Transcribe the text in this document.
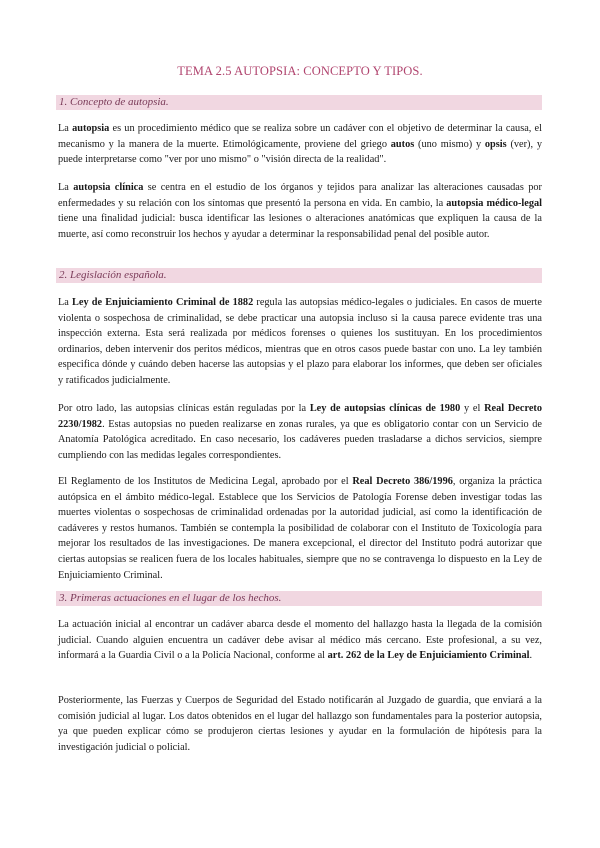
TEMA 2.5 AUTOPSIA: CONCEPTO Y TIPOS.
1. Concepto de autopsia.

La autopsia es un procedimiento médico que se realiza sobre un cadáver con el objetivo de determinar la causa, el mecanismo y la manera de la muerte. Etimológicamente, proviene del griego autos (uno mismo) y opsis (ver), y puede interpretarse como "ver por uno mismo" o "visión directa de la realidad".

La autopsia clínica se centra en el estudio de los órganos y tejidos para analizar las alteraciones causadas por enfermedades y su relación con los síntomas que presentó la persona en vida. En cambio, la autopsia médico-legal tiene una finalidad judicial: busca identificar las lesiones o alteraciones anatómicas que expliquen la causa de la muerte, así como reconstruir los hechos y ayudar a determinar la responsabilidad penal del posible autor.

2. Legislación española.

La Ley de Enjuiciamiento Criminal de 1882 regula las autopsias médico-legales o judiciales. En casos de muerte violenta o sospechosa de criminalidad, se debe practicar una autopsia incluso si la causa parece evidente tras una inspección externa. Esta será realizada por médicos forenses o quienes los sustituyan. En los procedimientos ordinarios, deben intervenir dos peritos médicos, mientras que en otros casos puede bastar con uno. La ley también especifica dónde y cuándo deben hacerse las autopsias y el plazo para elaborar los informes, que deben ser oficiales y ratificados judicialmente.

Por otro lado, las autopsias clínicas están reguladas por la Ley de autopsias clínicas de 1980 y el Real Decreto 2230/1982. Estas autopsias no pueden realizarse en zonas rurales, ya que es obligatorio contar con un Servicio de Anatomía Patológica acreditado. En caso necesario, los cadáveres pueden trasladarse a dichos servicios, siempre cumpliendo con las medidas legales correspondientes.

El Reglamento de los Institutos de Medicina Legal, aprobado por el Real Decreto 386/1996, organiza la práctica autópsica en el ámbito médico-legal. Establece que los Servicios de Patología Forense deben investigar todas las muertes violentas o sospechosas de criminalidad ordenadas por la autoridad judicial, así como la identificación de cadáveres y restos humanos. También se contempla la posibilidad de colaborar con el Instituto de Toxicología para mejorar los resultados de las investigaciones. De manera excepcional, el director del Instituto podrá autorizar que ciertas autopsias se realicen fuera de los locales habituales, siempre que no se contravenga lo dispuesto en la Ley de Enjuiciamiento Criminal.

3. Primeras actuaciones en el lugar de los hechos.

La actuación inicial al encontrar un cadáver abarca desde el momento del hallazgo hasta la llegada de la comisión judicial. Cuando alguien encuentra un cadáver debe avisar al médico más cercano. Este profesional, a su vez, informará a la Guardia Civil o a la Policía Nacional, conforme al art. 262 de la Ley de Enjuiciamiento Criminal.

Posteriormente, las Fuerzas y Cuerpos de Seguridad del Estado notificarán al Juzgado de guardia, que enviará a la comisión judicial al lugar. Los datos obtenidos en el lugar del hallazgo son fundamentales para la posterior autopsia, ya que pueden explicar cómo se produjeron ciertas lesiones y ayudar en la formulación de hipótesis para la investigación judicial o policial.
